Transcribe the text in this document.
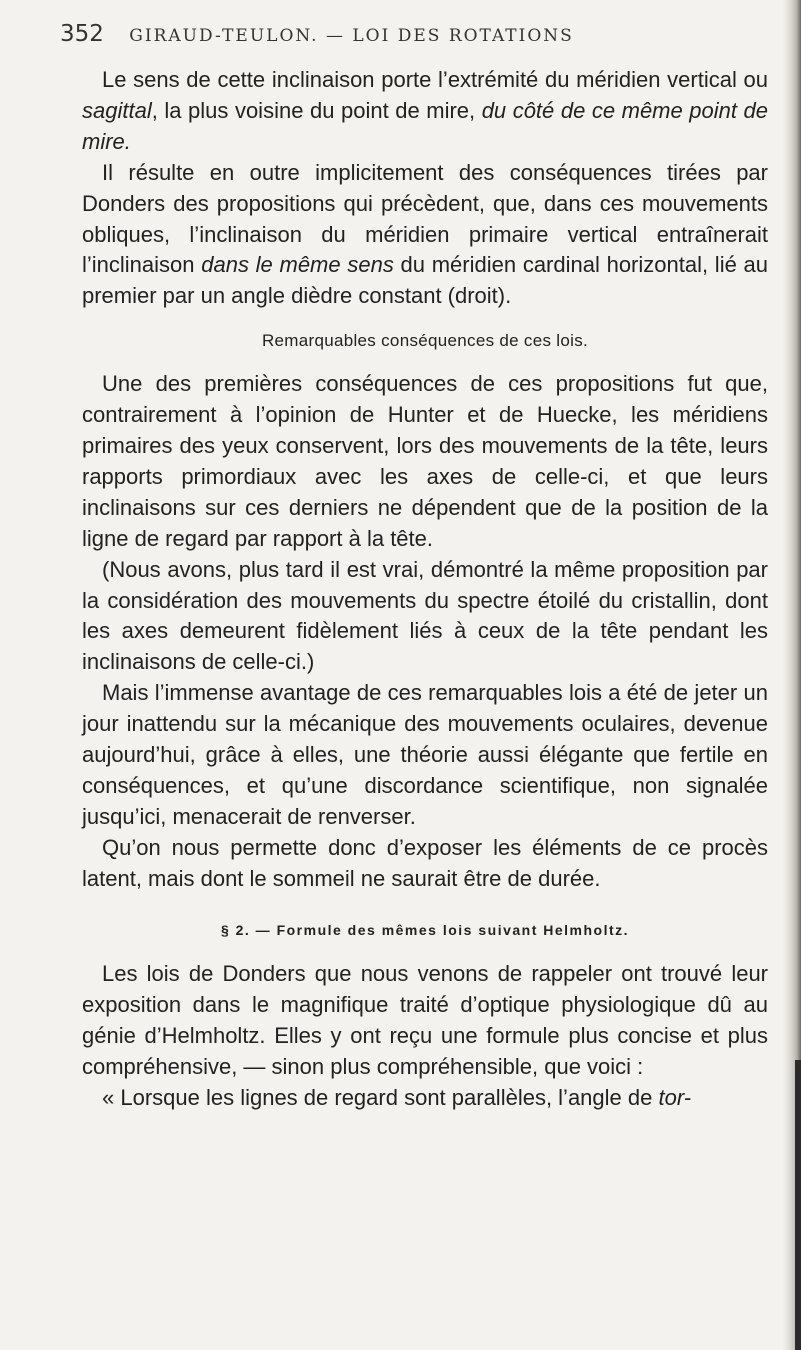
352 GIRAUD-TEULON. — LOI DES ROTATIONS

Le sens de cette inclinaison porte l’extrémité du méridien vertical ou sagittal, la plus voisine du point de mire, du côté de ce même point de mire.

Il résulte en outre implicitement des conséquences tirées par Donders des propositions qui précèdent, que, dans ces mouvements obliques, l’inclinaison du méridien primaire vertical entraînerait l’inclinaison dans le même sens du méridien cardinal horizontal, lié au premier par un angle dièdre constant (droit).

Remarquables conséquences de ces lois.

Une des premières conséquences de ces propositions fut que, contrairement à l’opinion de Hunter et de Huecke, les méridiens primaires des yeux conservent, lors des mouvements de la tête, leurs rapports primordiaux avec les axes de celle-ci, et que leurs inclinaisons sur ces derniers ne dépendent que de la position de la ligne de regard par rapport à la tête.

(Nous avons, plus tard il est vrai, démontré la même proposition par la considération des mouvements du spectre étoilé du cristallin, dont les axes demeurent fidèlement liés à ceux de la tête pendant les inclinaisons de celle-ci.)

Mais l’immense avantage de ces remarquables lois a été de jeter un jour inattendu sur la mécanique des mouvements oculaires, devenue aujourd’hui, grâce à elles, une théorie aussi élégante que fertile en conséquences, et qu’une discordance scientifique, non signalée jusqu’ici, menacerait de renverser.

Qu’on nous permette donc d’exposer les éléments de ce procès latent, mais dont le sommeil ne saurait être de durée.

§ 2. — Formule des mêmes lois suivant Helmholtz.

Les lois de Donders que nous venons de rappeler ont trouvé leur exposition dans le magnifique traité d’optique physiologique dû au génie d’Helmholtz. Elles y ont reçu une formule plus concise et plus compréhensive, — sinon plus compréhensible, que voici :

« Lorsque les lignes de regard sont parallèles, l’angle de tor-
